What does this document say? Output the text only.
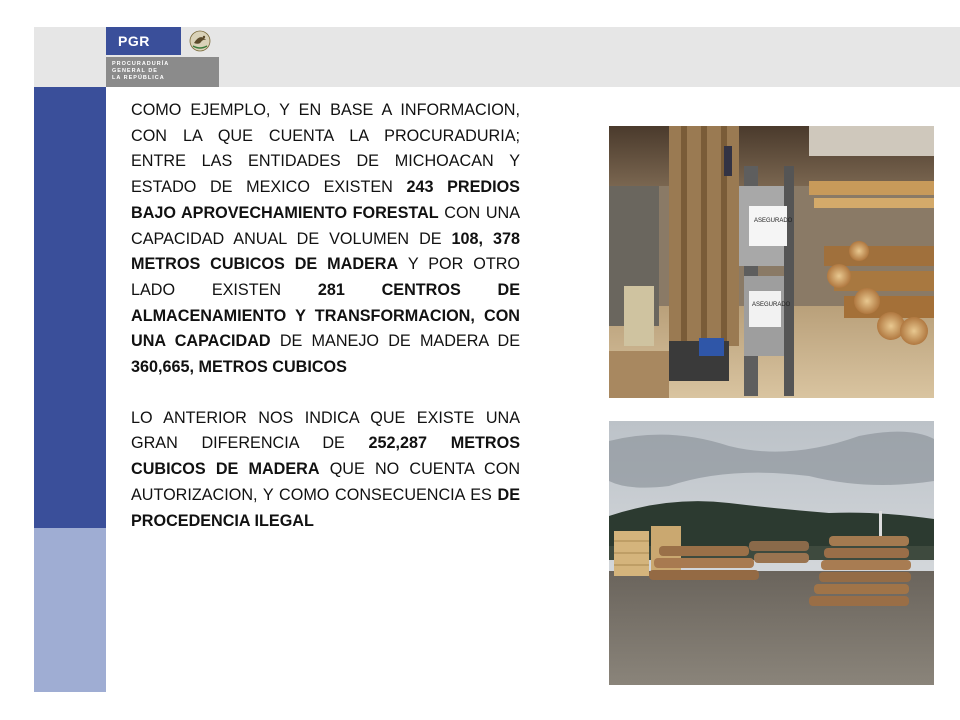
PGR
PROCURADURÍA
GENERAL DE
LA REPÚBLICA

COMO EJEMPLO, Y EN BASE A INFORMACION, CON LA QUE CUENTA LA PROCURADURIA; ENTRE LAS ENTIDADES DE MICHOACAN Y ESTADO DE MEXICO EXISTEN 243 PREDIOS BAJO APROVECHAMIENTO FORESTAL CON UNA CAPACIDAD ANUAL DE VOLUMEN DE 108, 378 METROS CUBICOS DE MADERA Y POR OTRO LADO EXISTEN 281 CENTROS DE ALMACENAMIENTO Y TRANSFORMACION, CON UNA CAPACIDAD DE MANEJO DE MADERA DE 360,665, METROS CUBICOS

LO ANTERIOR NOS INDICA QUE EXISTE UNA GRAN DIFERENCIA DE 252,287 METROS CUBICOS DE MADERA QUE NO CUENTA CON AUTORIZACION, Y COMO CONSECUENCIA ES DE PROCEDENCIA ILEGAL

ASEGURADO
ASEGURADO
